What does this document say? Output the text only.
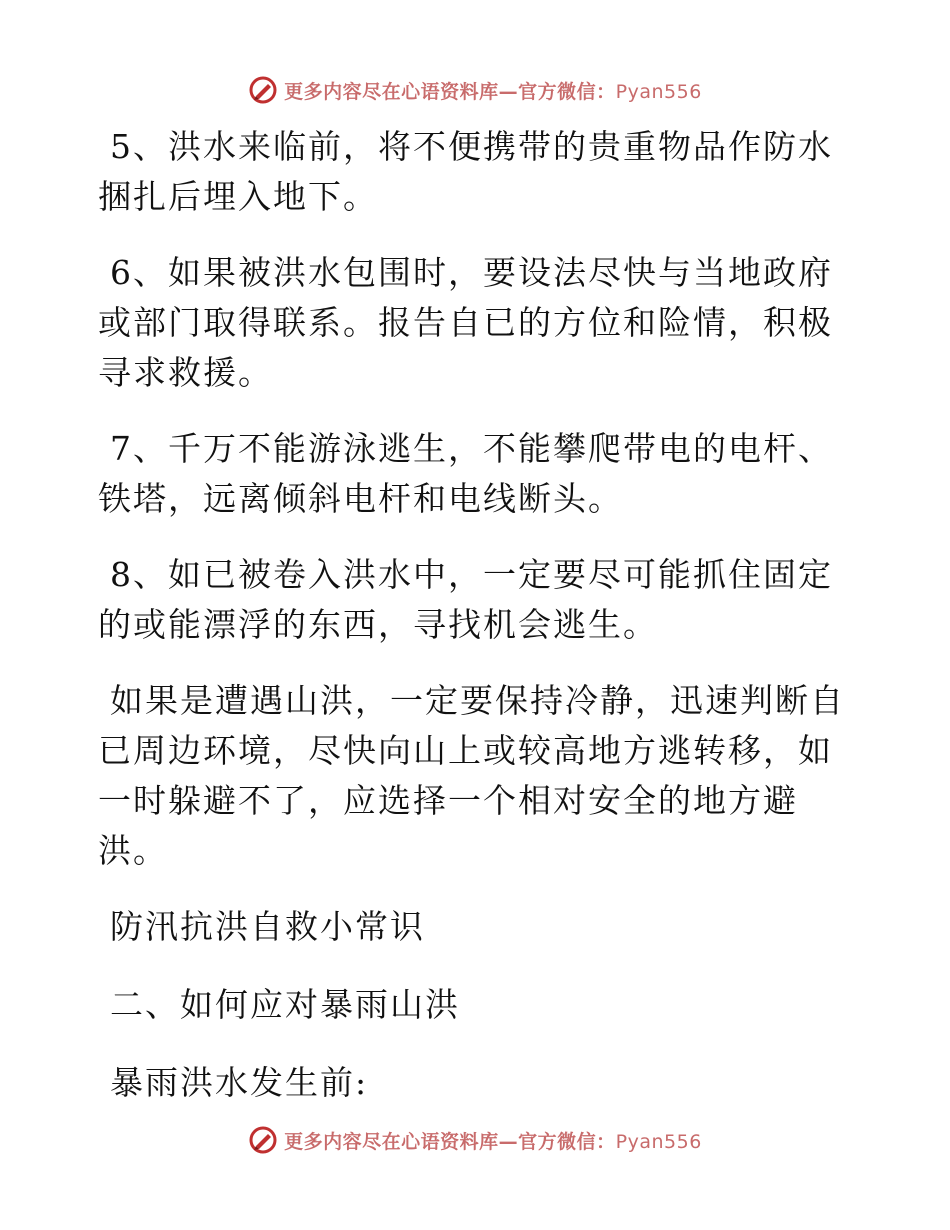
更多内容尽在心语资料库—官方微信：Pyan556

5、洪水来临前，将不便携带的贵重物品作防水捆扎后埋入地下。

6、如果被洪水包围时，要设法尽快与当地政府或部门取得联系。报告自已的方位和险情，积极寻求救援。

7、千万不能游泳逃生，不能攀爬带电的电杆、铁塔，远离倾斜电杆和电线断头。

8、如已被卷入洪水中，一定要尽可能抓住固定的或能漂浮的东西，寻找机会逃生。

如果是遭遇山洪，一定要保持冷静，迅速判断自已周边环境，尽快向山上或较高地方逃转移，如一时躲避不了，应选择一个相对安全的地方避洪。

防汛抗洪自救小常识

二、如何应对暴雨山洪

暴雨洪水发生前:

更多内容尽在心语资料库—官方微信：Pyan556
